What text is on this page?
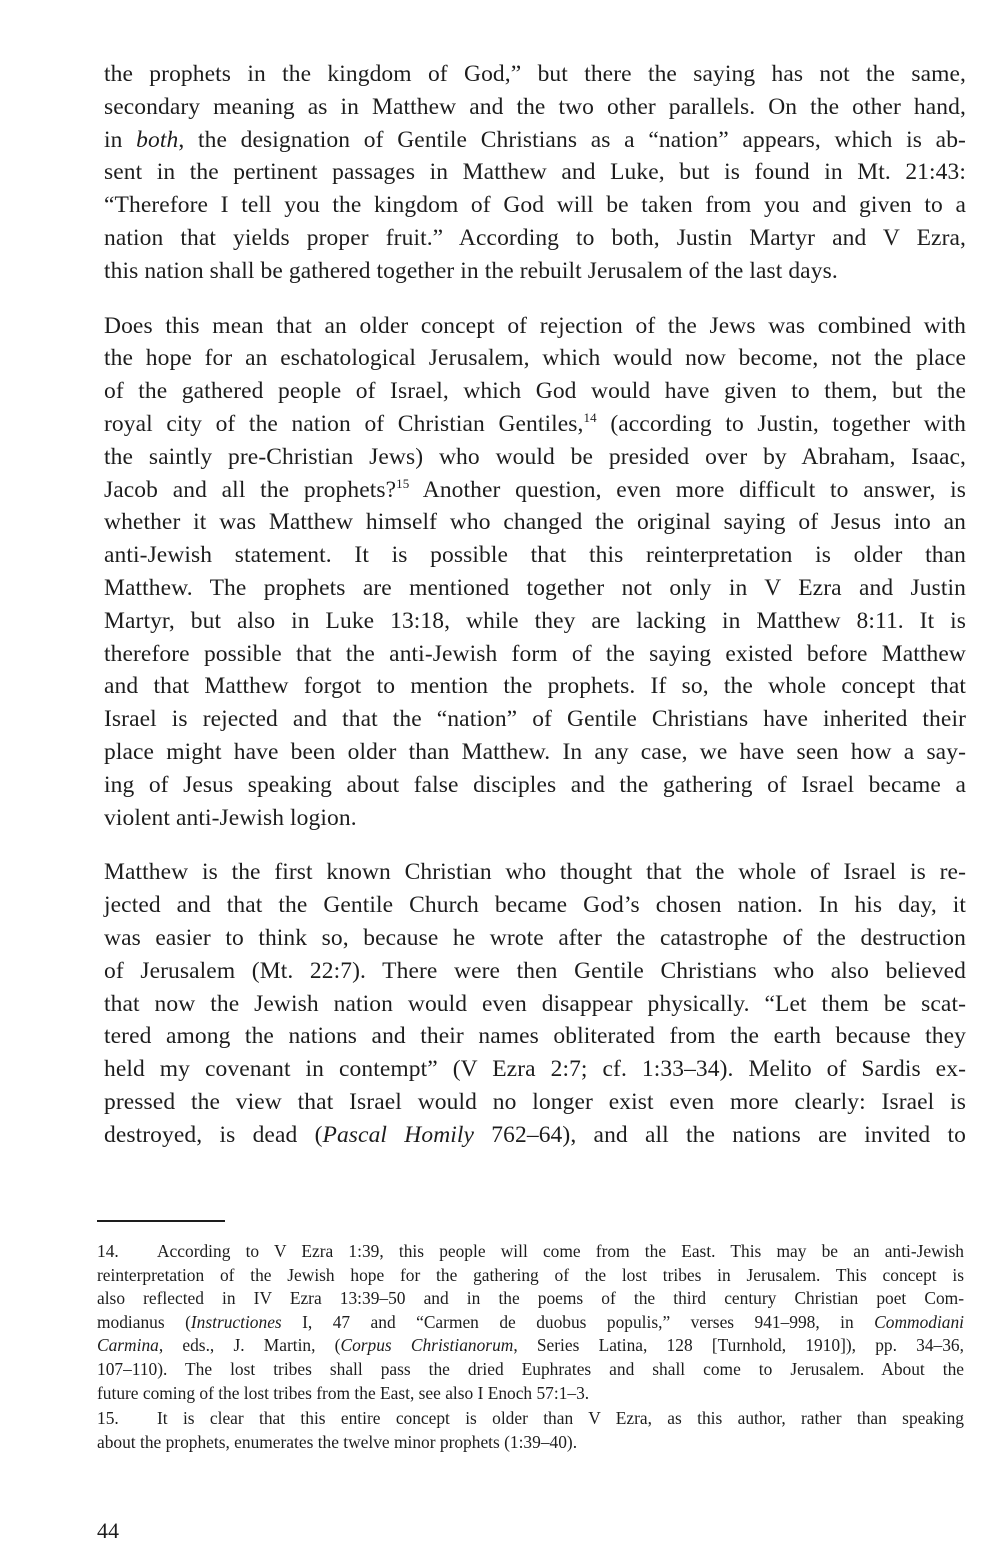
the prophets in the kingdom of God,” but there the saying has not the same,
secondary meaning as in Matthew and the two other parallels. On the other hand,
in both, the designation of Gentile Christians as a “nation” appears, which is ab-
sent in the pertinent passages in Matthew and Luke, but is found in Mt. 21:43:
“Therefore I tell you the kingdom of God will be taken from you and given to a
nation that yields proper fruit.” According to both, Justin Martyr and V Ezra,
this nation shall be gathered together in the rebuilt Jerusalem of the last days.

Does this mean that an older concept of rejection of the Jews was combined with
the hope for an eschatological Jerusalem, which would now become, not the place
of the gathered people of Israel, which God would have given to them, but the
royal city of the nation of Christian Gentiles,$^{14}$ (according to Justin, together with
the saintly pre-Christian Jews) who would be presided over by Abraham, Isaac,
Jacob and all the prophets?$^{15}$ Another question, even more difficult to answer, is
whether it was Matthew himself who changed the original saying of Jesus into an
anti-Jewish statement. It is possible that this reinterpretation is older than
Matthew. The prophets are mentioned together not only in V Ezra and Justin
Martyr, but also in Luke 13:18, while they are lacking in Matthew 8:11. It is
therefore possible that the anti-Jewish form of the saying existed before Matthew
and that Matthew forgot to mention the prophets. If so, the whole concept that
Israel is rejected and that the “nation” of Gentile Christians have inherited their
place might have been older than Matthew. In any case, we have seen how a say-
ing of Jesus speaking about false disciples and the gathering of Israel became a
violent anti-Jewish logion.

Matthew is the first known Christian who thought that the whole of Israel is re-
jected and that the Gentile Church became God’s chosen nation. In his day, it
was easier to think so, because he wrote after the catastrophe of the destruction
of Jerusalem (Mt. 22:7). There were then Gentile Christians who also believed
that now the Jewish nation would even disappear physically. “Let them be scat-
tered among the nations and their names obliterated from the earth because they
held my covenant in contempt” (V Ezra 2:7; cf. 1:33–34). Melito of Sardis ex-
pressed the view that Israel would no longer exist even more clearly: Israel is
destroyed, is dead (Pascal Homily 762–64), and all the nations are invited to

14. According to V Ezra 1:39, this people will come from the East. This may be an anti-Jewish
reinterpretation of the Jewish hope for the gathering of the lost tribes in Jerusalem. This concept is
also reflected in IV Ezra 13:39–50 and in the poems of the third century Christian poet Com-
modianus (Instructiones I, 47 and “Carmen de duobus populis,” verses 941–998, in Commodiani
Carmina, eds., J. Martin, (Corpus Christianorum, Series Latina, 128 [Turnhold, 1910]), pp. 34–36,
107–110). The lost tribes shall pass the dried Euphrates and shall come to Jerusalem. About the
future coming of the lost tribes from the East, see also I Enoch 57:1–3.
15. It is clear that this entire concept is older than V Ezra, as this author, rather than speaking
about the prophets, enumerates the twelve minor prophets (1:39–40).
44
